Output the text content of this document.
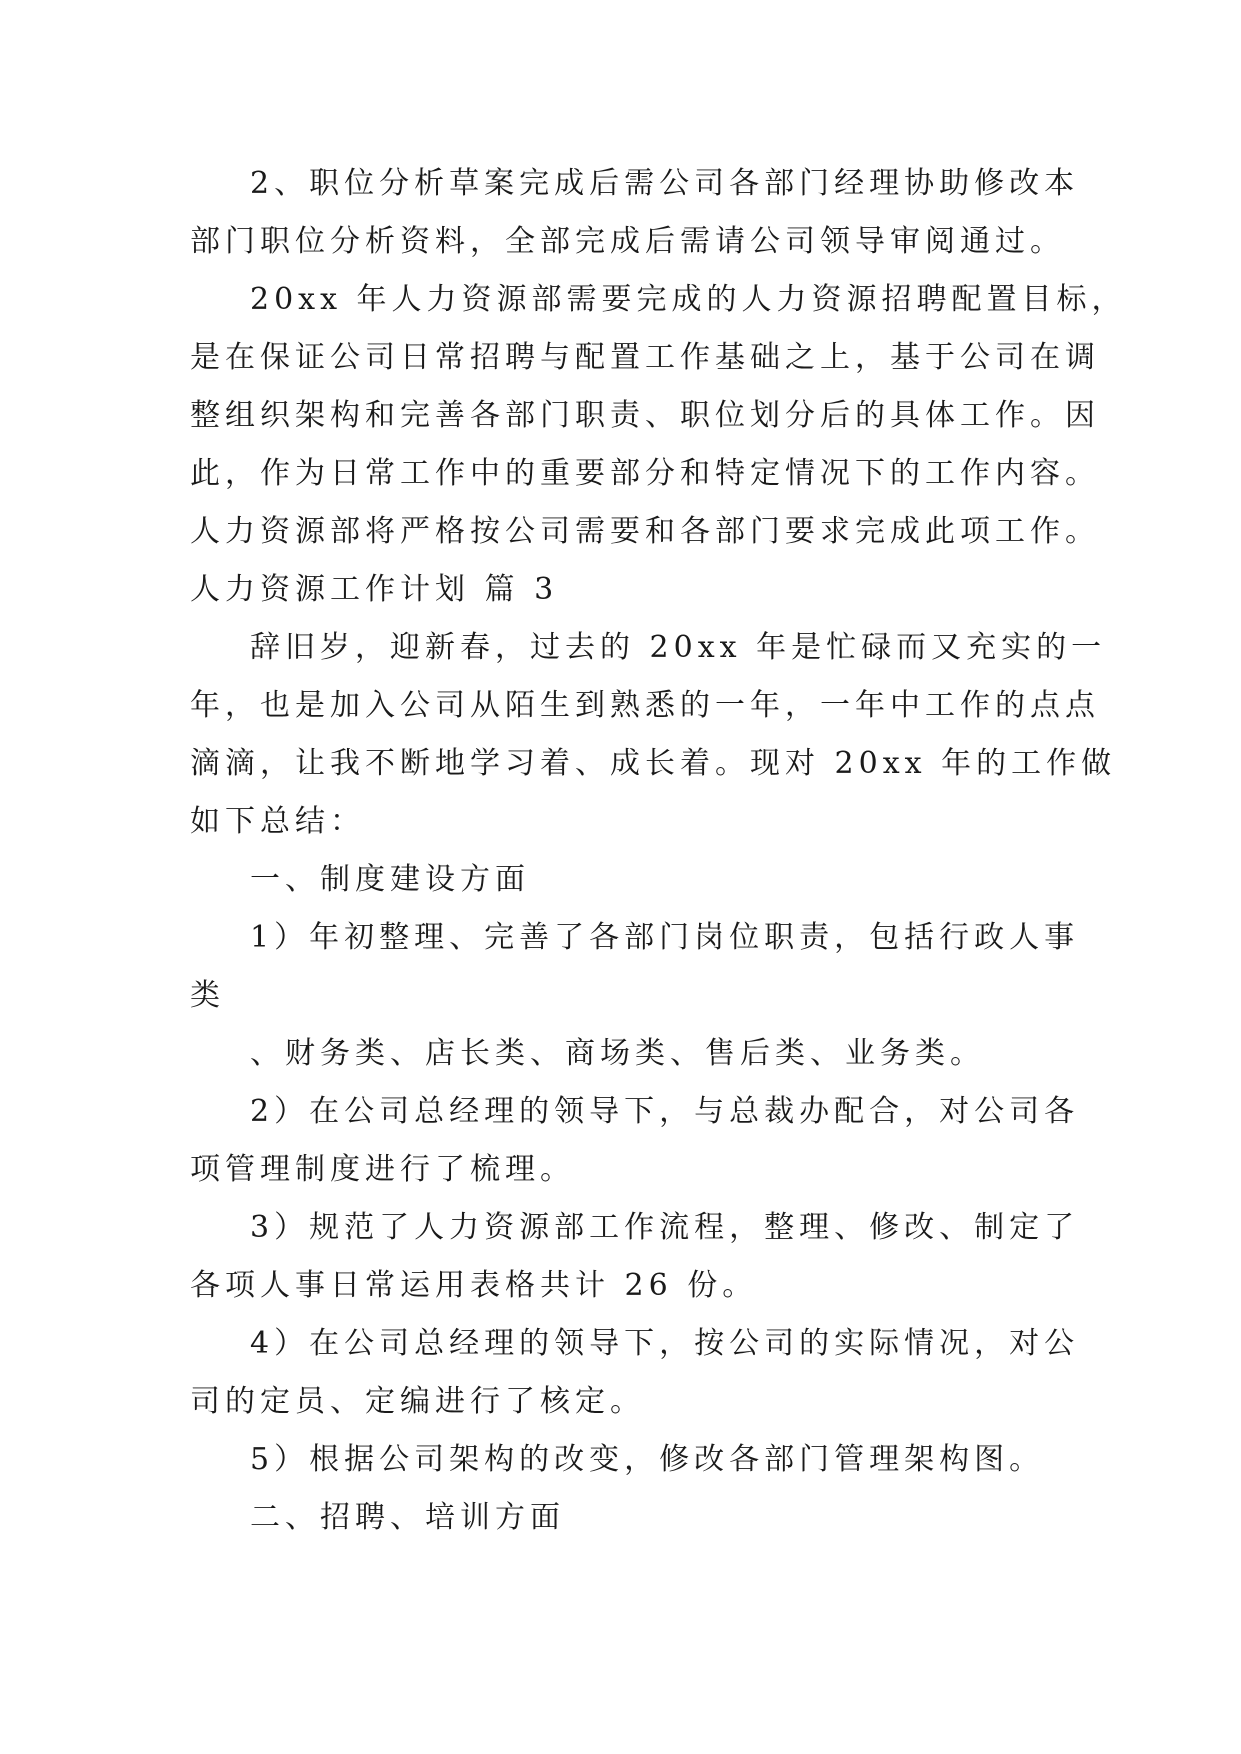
2、职位分析草案完成后需公司各部门经理协助修改本
部门职位分析资料，全部完成后需请公司领导审阅通过。
20xx 年人力资源部需要完成的人力资源招聘配置目标，
是在保证公司日常招聘与配置工作基础之上，基于公司在调
整组织架构和完善各部门职责、职位划分后的具体工作。因
此，作为日常工作中的重要部分和特定情况下的工作内容。
人力资源部将严格按公司需要和各部门要求完成此项工作。
人力资源工作计划 篇 3
辞旧岁，迎新春，过去的 20xx 年是忙碌而又充实的一
年，也是加入公司从陌生到熟悉的一年，一年中工作的点点
滴滴，让我不断地学习着、成长着。现对 20xx 年的工作做
如下总结：
一、制度建设方面
1）年初整理、完善了各部门岗位职责，包括行政人事
类
、财务类、店长类、商场类、售后类、业务类。
2）在公司总经理的领导下，与总裁办配合，对公司各
项管理制度进行了梳理。
3）规范了人力资源部工作流程，整理、修改、制定了
各项人事日常运用表格共计 26 份。
4）在公司总经理的领导下，按公司的实际情况，对公
司的定员、定编进行了核定。
5）根据公司架构的改变，修改各部门管理架构图。
二、招聘、培训方面
